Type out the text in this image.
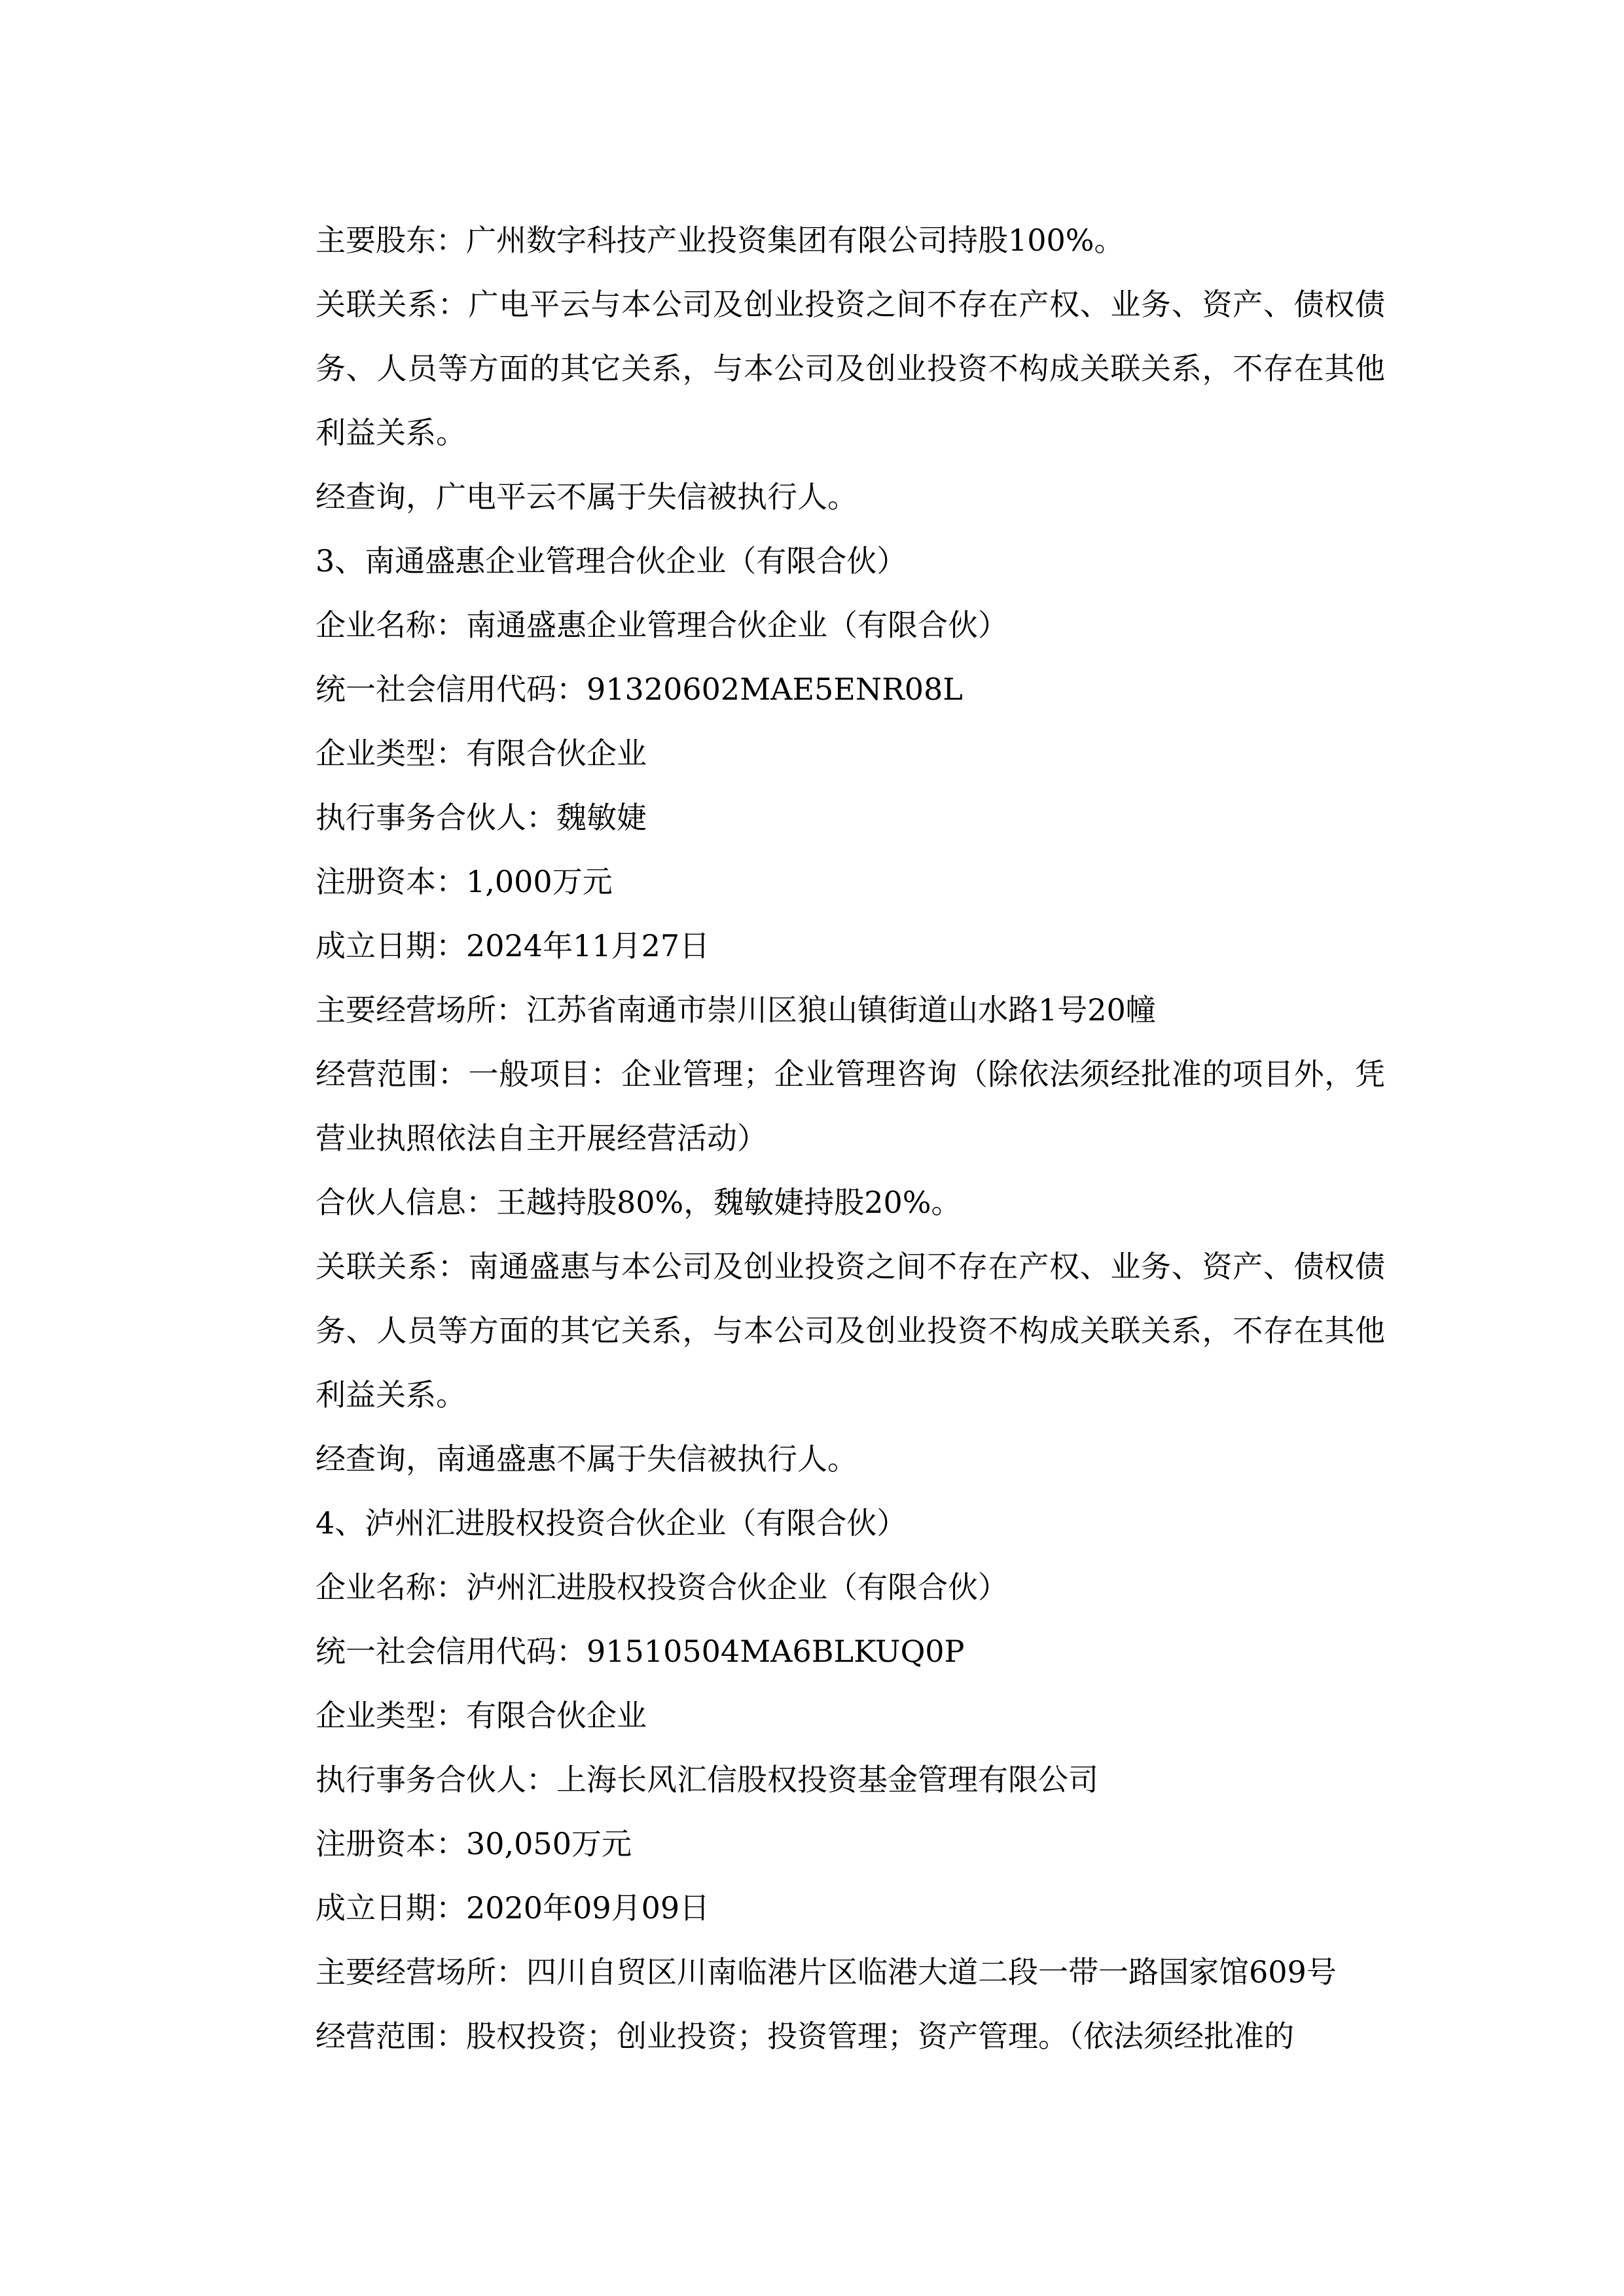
主要股东：广州数字科技产业投资集团有限公司持股100%。

关联关系：广电平云与本公司及创业投资之间不存在产权、业务、资产、债权债务、人员等方面的其它关系，与本公司及创业投资不构成关联关系，不存在其他利益关系。

经查询，广电平云不属于失信被执行人。

3、南通盛惠企业管理合伙企业（有限合伙）

企业名称：南通盛惠企业管理合伙企业（有限合伙）

统一社会信用代码：91320602MAE5ENR08L

企业类型：有限合伙企业

执行事务合伙人：魏敏婕

注册资本：1,000万元

成立日期：2024年11月27日

主要经营场所：江苏省南通市崇川区狼山镇街道山水路1号20幢

经营范围：一般项目：企业管理；企业管理咨询（除依法须经批准的项目外，凭营业执照依法自主开展经营活动）

合伙人信息：王越持股80%，魏敏婕持股20%。

关联关系：南通盛惠与本公司及创业投资之间不存在产权、业务、资产、债权债务、人员等方面的其它关系，与本公司及创业投资不构成关联关系，不存在其他利益关系。

经查询，南通盛惠不属于失信被执行人。

4、泸州汇进股权投资合伙企业（有限合伙）

企业名称：泸州汇进股权投资合伙企业（有限合伙）

统一社会信用代码：91510504MA6BLKUQ0P

企业类型：有限合伙企业

执行事务合伙人：上海长风汇信股权投资基金管理有限公司

注册资本：30,050万元

成立日期：2020年09月09日

主要经营场所：四川自贸区川南临港片区临港大道二段一带一路国家馆609号

经营范围：股权投资；创业投资；投资管理；资产管理。（依法须经批准的
